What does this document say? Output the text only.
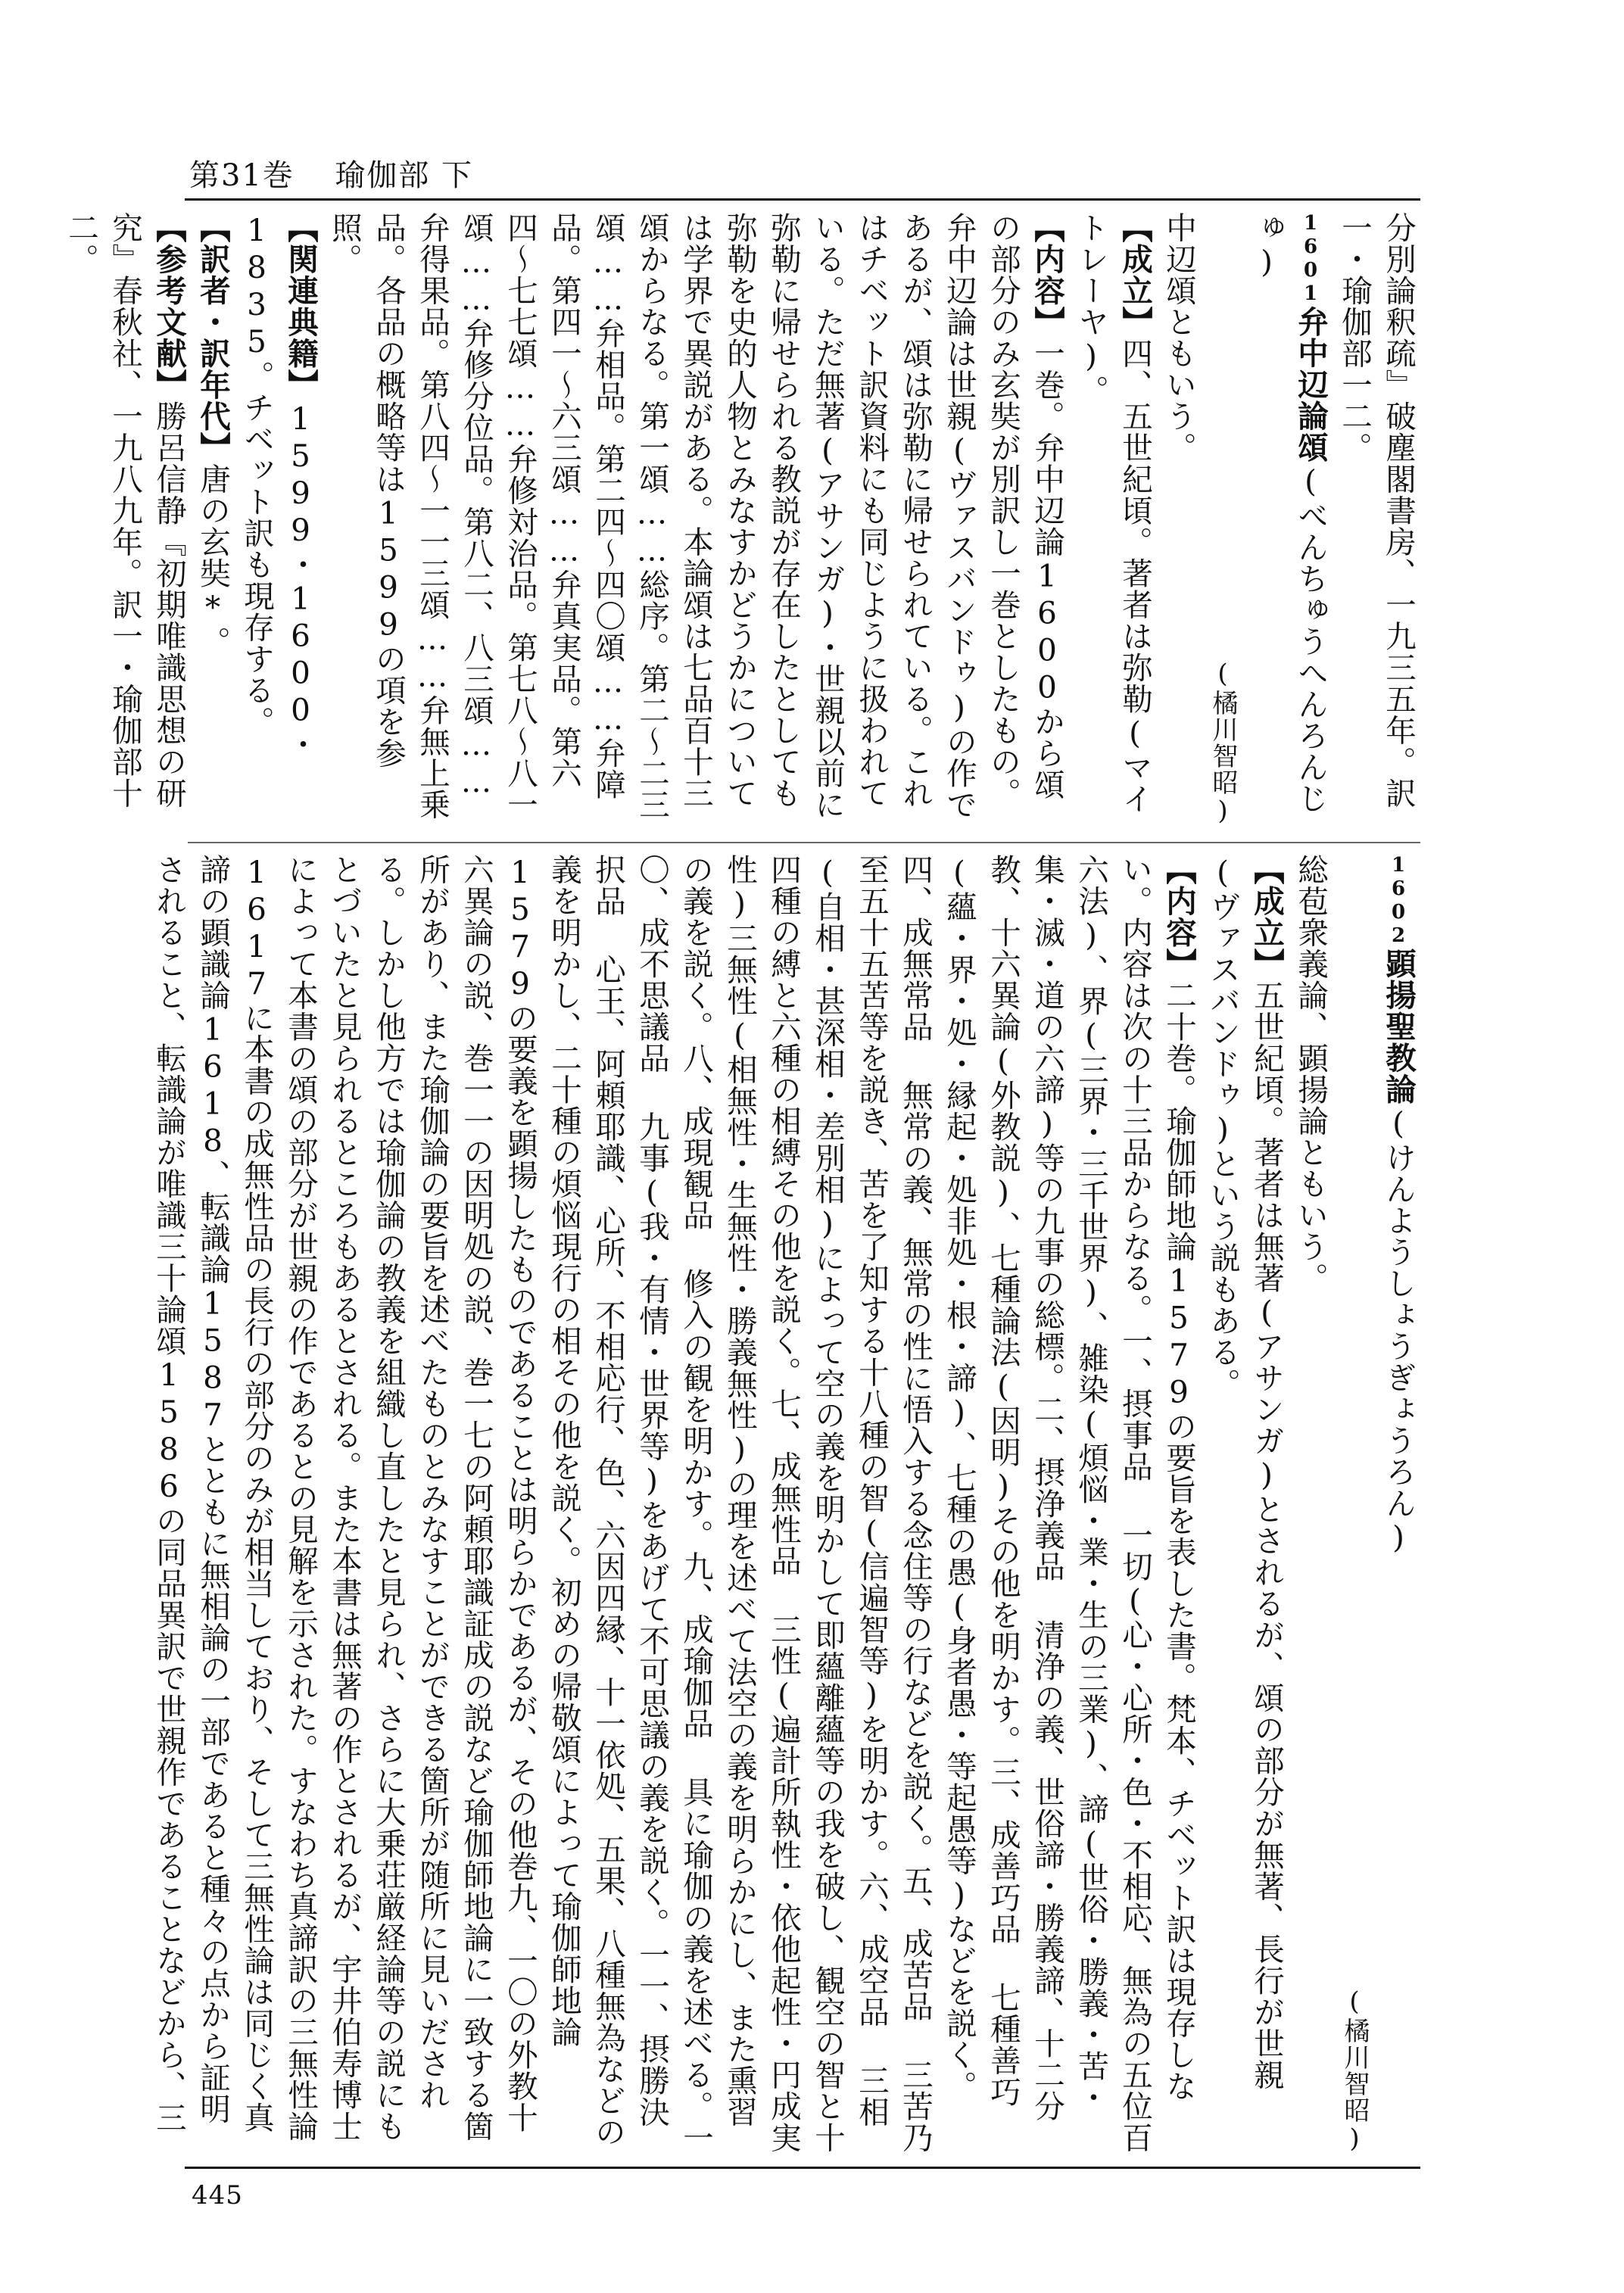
第31巻 瑜伽部 下

分別論釈疏』破塵閣書房、一九三五年。訳一・瑜伽部一二。

1601弁中辺論頌(べんちゅうへんろんじゅ)
(橘川智昭)

中辺頌ともいう。

【成立】四、五世紀頃。著者は弥勒(マイトレーヤ)。

【内容】一巻。弁中辺論1600から頌の部分のみ玄奘が別訳し一巻としたもの。弁中辺論は世親(ヴァスバンドゥ)の作であるが、頌は弥勒に帰せられている。これはチベット訳資料にも同じように扱われている。ただ無著(アサンガ)・世親以前に弥勒に帰せられる教説が存在したとしても弥勒を史的人物とみなすかどうかについては学界で異説がある。本論頌は七品百十三頌からなる。第一頌……総序。第二〜二三頌……弁相品。第二四〜四〇頌……弁障品。第四一〜六三頌……弁真実品。第六四〜七七頌……弁修対治品。第七八〜八一頌……弁修分位品。第八二、八三頌……弁得果品。第八四〜一一三頌……弁無上乗品。各品の概略等は1599の項を参照。

【関連典籍】1599・1600・1835。チベット訳も現存する。

【訳者・訳年代】唐の玄奘*。

【参考文献】勝呂信静『初期唯識思想の研究』春秋社、一九八九年。訳一・瑜伽部十二。

1602顕揚聖教論(けんようしょうぎょうろん)
(橘川智昭)

総苞衆義論、顕揚論ともいう。

【成立】五世紀頃。著者は無著(アサンガ)とされるが、頌の部分が無著、長行が世親(ヴァスバンドゥ)という説もある。

【内容】二十巻。瑜伽師地論1579の要旨を表した書。梵本、チベット訳は現存しない。内容は次の十三品からなる。一、摂事品 一切(心・心所・色・不相応、無為の五位百六法)、界(三界・三千世界)、雑染(煩悩・業・生の三業)、諦(世俗・勝義・苦・集・滅・道の六諦)等の九事の総標。二、摂浄義品 清浄の義、世俗諦・勝義諦、十二分教、十六異論(外教説)、七種論法(因明)その他を明かす。三、成善巧品 七種善巧(蘊・界・処・縁起・処非処・根・諦)、七種の愚(身者愚・等起愚等)などを説く。四、成無常品 無常の義、無常の性に悟入する念住等の行などを説く。五、成苦品 三苦乃至五十五苦等を説き、苦を了知する十八種の智(信遍智等)を明かす。六、成空品 三相(自相・甚深相・差別相)によって空の義を明かして即蘊離蘊等の我を破し、観空の智と十四種の縛と六種の相縛その他を説く。七、成無性品 三性(遍計所執性・依他起性・円成実性)三無性(相無性・生無性・勝義無性)の理を述べて法空の義を明らかにし、また熏習の義を説く。八、成現観品 修入の観を明かす。九、成瑜伽品 具に瑜伽の義を述べる。一〇、成不思議品 九事(我・有情・世界等)をあげて不可思議の義を説く。一一、摂勝決択品 心王、阿頼耶識、心所、不相応行、色、六因四縁、十一依処、五果、八種無為などの義を明かし、二十種の煩悩現行の相その他を説く。初めの帰敬頌によって瑜伽師地論1579の要義を顕揚したものであることは明らかであるが、その他巻九、一〇の外教十六異論の説、巻一一の因明処の説、巻一七の阿頼耶識証成の説など瑜伽師地論に一致する箇所があり、また瑜伽論の要旨を述べたものとみなすことができる箇所が随所に見いだされる。しかし他方では瑜伽論の教義を組織し直したと見られ、さらに大乗荘厳経論等の説にもとづいたと見られるところもあるとされる。また本書は無著の作とされるが、宇井伯寿博士によって本書の頌の部分が世親の作であるとの見解を示された。すなわち真諦訳の三無性論1617に本書の成無性品の長行の部分のみが相当しており、そして三無性論は同じく真諦の顕識論1618、転識論1587とともに無相論の一部であると種々の点から証明されること、転識論が唯識三十論頌1586の同品異訳で世親作であることなどから、三

445
